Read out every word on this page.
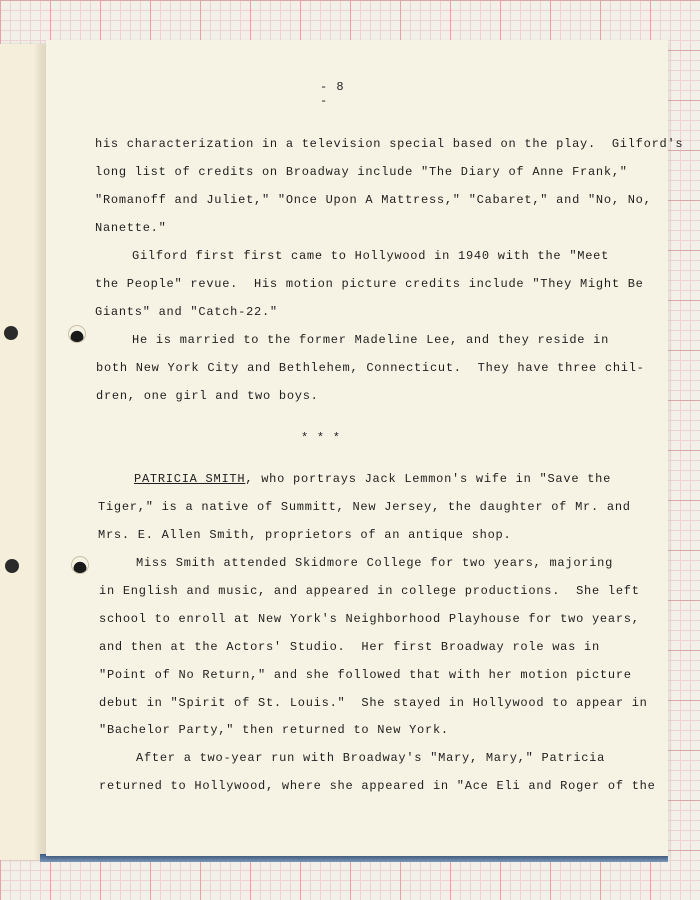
- 8 -
his characterization in a television special based on the play.  Gilford's
long list of credits on Broadway include "The Diary of Anne Frank,"
"Romanoff and Juliet," "Once Upon A Mattress," "Cabaret," and "No, No,
Nanette."
Gilford first first came to Hollywood in 1940 with the "Meet
the People" revue.  His motion picture credits include "They Might Be
Giants" and "Catch-22."
He is married to the former Madeline Lee, and they reside in
both New York City and Bethlehem, Connecticut.  They have three chil-
dren, one girl and two boys.
* * *
PATRICIA SMITH, who portrays Jack Lemmon's wife in "Save the
Tiger," is a native of Summitt, New Jersey, the daughter of Mr. and
Mrs. E. Allen Smith, proprietors of an antique shop.
Miss Smith attended Skidmore College for two years, majoring
in English and music, and appeared in college productions.  She left
school to enroll at New York's Neighborhood Playhouse for two years,
and then at the Actors' Studio.  Her first Broadway role was in
"Point of No Return," and she followed that with her motion picture
debut in "Spirit of St. Louis."  She stayed in Hollywood to appear in
"Bachelor Party," then returned to New York.
After a two-year run with Broadway's "Mary, Mary," Patricia
returned to Hollywood, where she appeared in "Ace Eli and Roger of the
